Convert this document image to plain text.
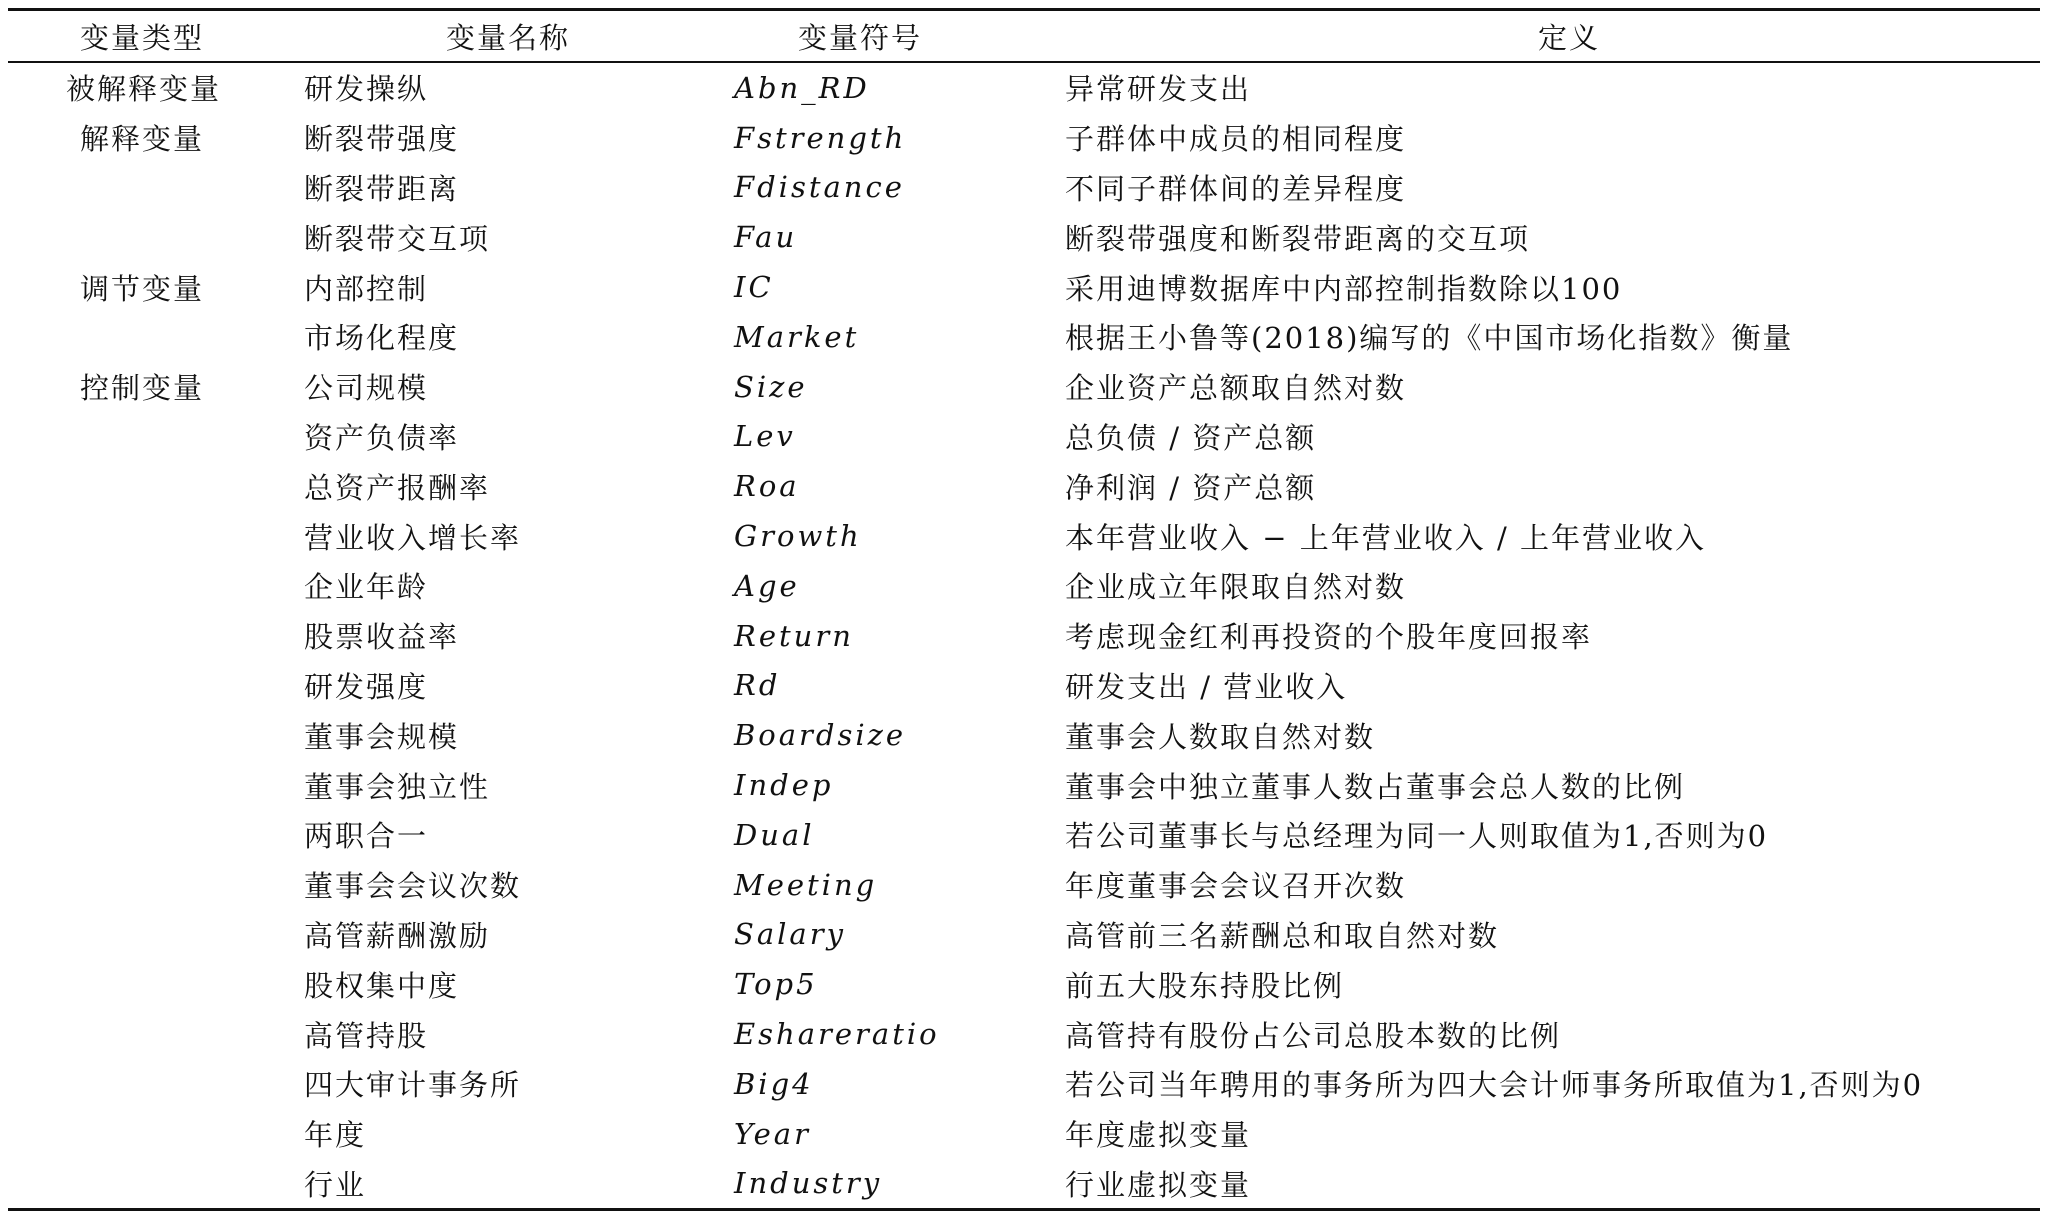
变量类型	变量名称	变量符号	定义
被解释变量	研发操纵	Abn_RD	异常研发支出
解释变量	断裂带强度	Fstrength	子群体中成员的相同程度
	断裂带距离	Fdistance	不同子群体间的差异程度
	断裂带交互项	Fau	断裂带强度和断裂带距离的交互项
调节变量	内部控制	IC	采用迪博数据库中内部控制指数除以100
	市场化程度	Market	根据王小鲁等(2018)编写的《中国市场化指数》衡量
控制变量	公司规模	Size	企业资产总额取自然对数
	资产负债率	Lev	总负债 / 资产总额
	总资产报酬率	Roa	净利润 / 资产总额
	营业收入增长率	Growth	本年营业收入 − 上年营业收入 / 上年营业收入
	企业年龄	Age	企业成立年限取自然对数
	股票收益率	Return	考虑现金红利再投资的个股年度回报率
	研发强度	Rd	研发支出 / 营业收入
	董事会规模	Boardsize	董事会人数取自然对数
	董事会独立性	Indep	董事会中独立董事人数占董事会总人数的比例
	两职合一	Dual	若公司董事长与总经理为同一人则取值为1,否则为0
	董事会会议次数	Meeting	年度董事会会议召开次数
	高管薪酬激励	Salary	高管前三名薪酬总和取自然对数
	股权集中度	Top5	前五大股东持股比例
	高管持股	Eshareratio	高管持有股份占公司总股本数的比例
	四大审计事务所	Big4	若公司当年聘用的事务所为四大会计师事务所取值为1,否则为0
	年度	Year	年度虚拟变量
	行业	Industry	行业虚拟变量
